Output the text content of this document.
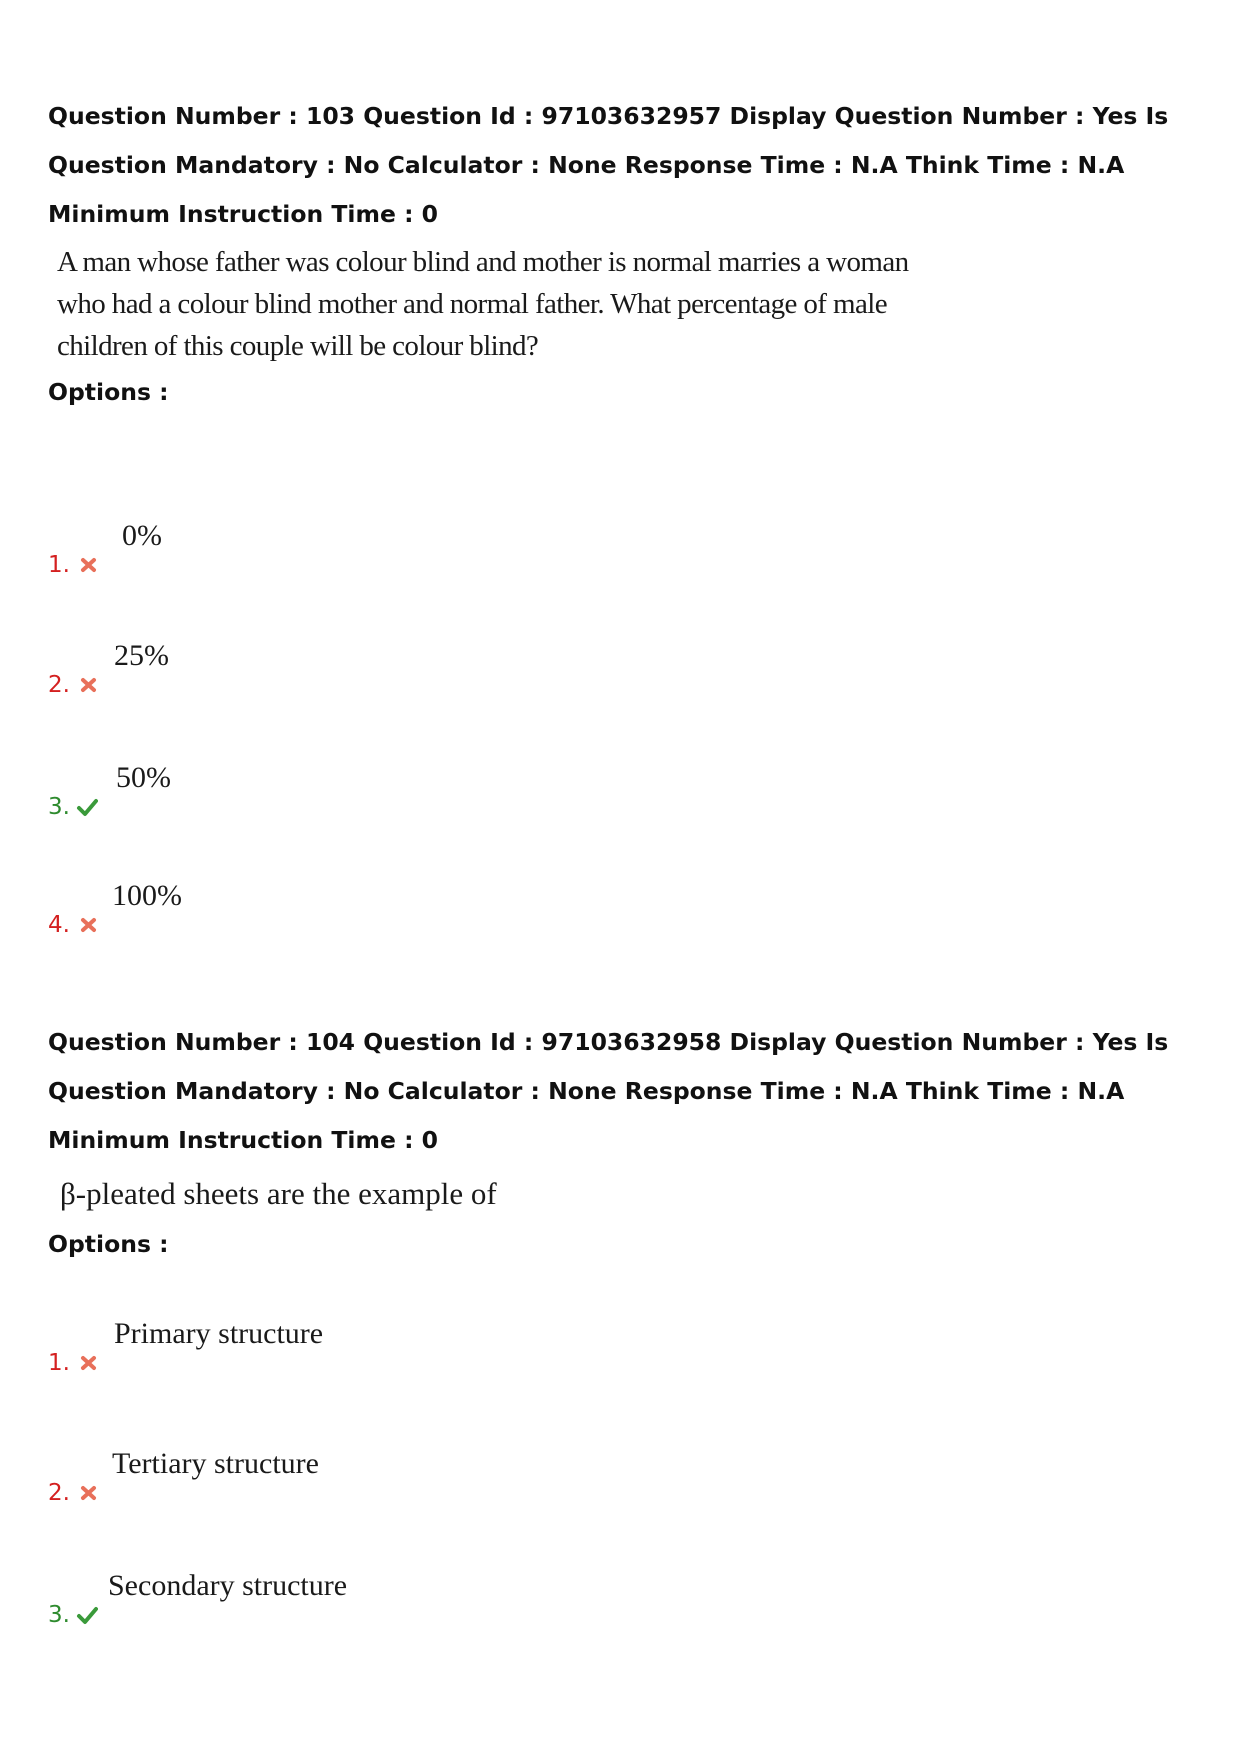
Question Number : 103 Question Id : 97103632957 Display Question Number : Yes Is Question Mandatory : No Calculator : None Response Time : N.A Think Time : N.A Minimum Instruction Time : 0

A man whose father was colour blind and mother is normal marries a woman who had a colour blind mother and normal father. What percentage of male children of this couple will be colour blind?

Options :

1.
0%
2.
25%
3.
50%
4.
100%

Question Number : 104 Question Id : 97103632958 Display Question Number : Yes Is Question Mandatory : No Calculator : None Response Time : N.A Think Time : N.A Minimum Instruction Time : 0

β-pleated sheets are the example of

Options :

1.
Primary structure
2.
Tertiary structure
3.
Secondary structure
